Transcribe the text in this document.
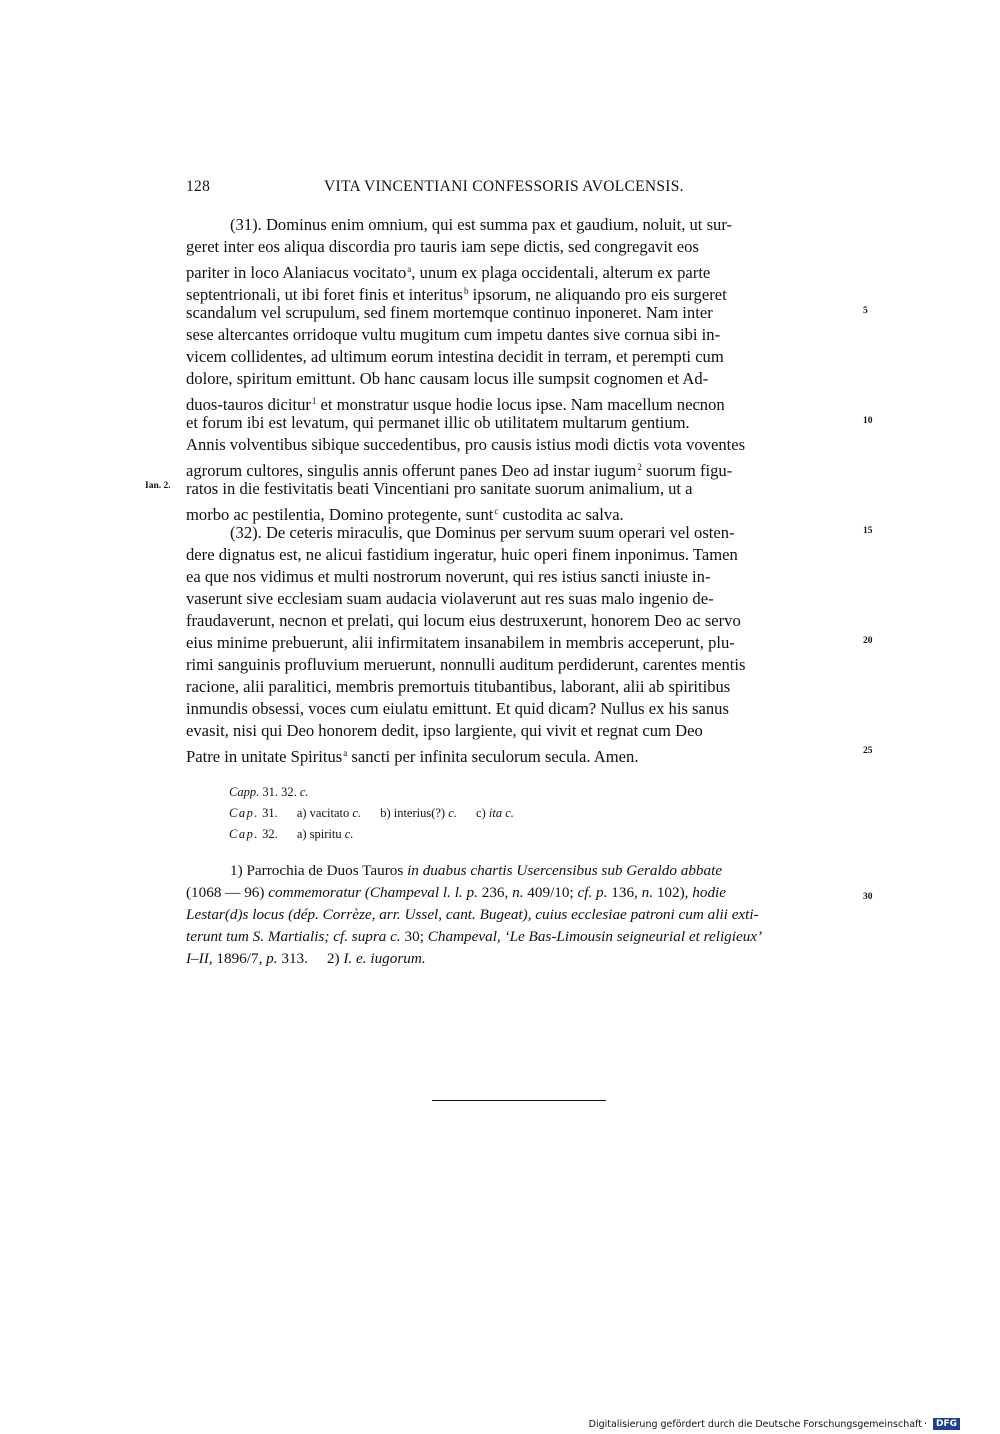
128	VITA VINCENTIANI CONFESSORIS AVOLCENSIS.
(31). Dominus enim omnium, qui est summa pax et gaudium, noluit, ut sur-
geret inter eos aliqua discordia pro tauris iam sepe dictis, sed congregavit eos
pariter in loco Alaniacus vocitato$^a$, unum ex plaga occidentali, alterum ex parte
septentrionali, ut ibi foret finis et interitus$^b$ ipsorum, ne aliquando pro eis surgeret
scandalum vel scrupulum, sed finem mortemque continuo inponeret. Nam inter
sese altercantes orridoque vultu mugitum cum impetu dantes sive cornua sibi in-
vicem collidentes, ad ultimum eorum intestina decidit in terram, et perempti cum
dolore, spiritum emittunt. Ob hanc causam locus ille sumpsit cognomen et Ad-
duos-tauros dicitur$^1$ et monstratur usque hodie locus ipse. Nam macellum necnon
et forum ibi est levatum, qui permanet illic ob utilitatem multarum gentium.
Annis volventibus sibique succedentibus, pro causis istius modi dictis vota voventes
agrorum cultores, singulis annis offerunt panes Deo ad instar iugum$^2$ suorum figu-
ratos in die festivitatis beati Vincentiani pro sanitate suorum animalium, ut a
morbo ac pestilentia, Domino protegente, sunt$^c$ custodita ac salva.
(32). De ceteris miraculis, que Dominus per servum suum operari vel osten-
dere dignatus est, ne alicui fastidium ingeratur, huic operi finem inponimus. Tamen
ea que nos vidimus et multi nostrorum noverunt, qui res istius sancti iniuste in-
vaserunt sive ecclesiam suam audacia violaverunt aut res suas malo ingenio de-
fraudaverunt, necnon et prelati, qui locum eius destruxerunt, honorem Deo ac servo
eius minime prebuerunt, alii infirmitatem insanabilem in membris acceperunt, plu-
rimi sanguinis profluvium meruerunt, nonnulli auditum perdiderunt, carentes mentis
racione, alii paralitici, membris premortuis titubantibus, laborant, alii ab spiritibus
inmundis obsessi, voces cum eiulatu emittunt. Et quid dicam? Nullus ex his sanus
evasit, nisi qui Deo honorem dedit, ipso largiente, qui vivit et regnat cum Deo
Patre in unitate Spiritus$^a$ sancti per infinita seculorum secula. Amen.
5
10
15
20
25
30
Ian. 2.
Capp. 31. 32. c.
Cap. 31. a) vacitato c. b) interius(?) c. c) ita c.
Cap. 32. a) spiritu c.
1) Parrochia de Duos Tauros in duabus chartis Usercensibus sub Geraldo abbate
(1068 — 96) commemoratur (Champeval l. l. p. 236, n. 409/10; cf. p. 136, n. 102), hodie
Lestar(d)s locus (dép. Corrèze, arr. Ussel, cant. Bugeat), cuius ecclesiae patroni cum alii exti-
terunt tum S. Martialis; cf. supra c. 30; Champeval, ‘Le Bas-Limousin seigneurial et religieux’
I–II, 1896/7, p. 313. 2) I. e. iugorum.
Digitalisierung gefördert durch die Deutsche Forschungsgemeinschaft ·	DFG
